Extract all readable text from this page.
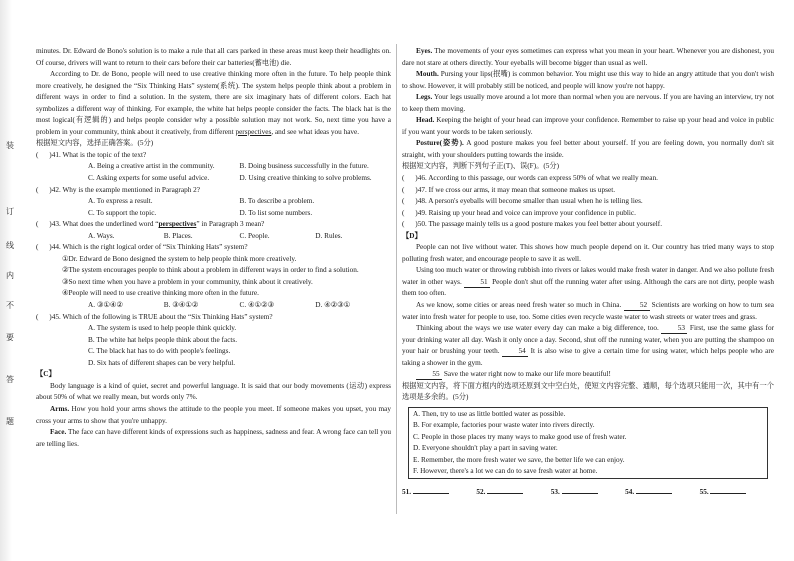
装
订
线
内
不
要
答
题

minutes. Dr. Edward de Bono's solution is to make a rule that all cars parked in these areas must keep their headlights on. Of course, drivers will want to return to their cars before their car batteries(蓄电池) die.

According to Dr. de Bono, people will need to use creative thinking more often in the future. To help people think more creatively, he designed the “Six Thinking Hats” system(系统). The system helps people think about a problem in different ways in order to find a solution. In the system, there are six imaginary hats of different colors. Each hat symbolizes a different way of thinking. For example, the white hat helps people consider the facts. The black hat is the most logical(有逻辑的) and helps people consider why a possible solution may not work. So, next time you have a problem in your community, think about it creatively, from different perspectives, and see what ideas you have.

根据短文内容，选择正确答案。(5分)

(      ) 41. What is the topic of the text?
A. Being a creative artist in the community.	B. Doing business successfully in the future.
C. Asking experts for some useful advice.	D. Using creative thinking to solve problems.
(      ) 42. Why is the example mentioned in Paragraph 2?
A. To express a result.	B. To describe a problem.
C. To support the topic.	D. To list some numbers.
(      ) 43. What does the underlined word “perspectives” in Paragraph 3 mean?
A. Ways.	B. Places.	C. People.	D. Rules.
(      ) 44. Which is the right logical order of “Six Thinking Hats” system?
①Dr. Edward de Bono designed the system to help people think more creatively.
②The system encourages people to think about a problem in different ways in order to find a solution.
③So next time when you have a problem in your community, think about it creatively.
④People will need to use creative thinking more often in the future.
A. ③①④②	B. ③④①②	C. ④①②③	D. ④②③①
(      ) 45. Which of the following is TRUE about the “Six Thinking Hats” system?
A. The system is used to help people think quickly.
B. The white hat helps people think about the facts.
C. The black hat has to do with people's feelings.
D. Six hats of different shapes can be very helpful.

【C】

Body language is a kind of quiet, secret and powerful language. It is said that our body movements (运动) express about 50% of what we really mean, but words only 7%.

Arms. How you hold your arms shows the attitude to the people you meet. If someone makes you upset, you may cross your arms to show that you're unhappy.

Face. The face can have different kinds of expressions such as happiness, sadness and fear. A wrong face can tell you are telling lies.

Eyes. The movements of your eyes sometimes can express what you mean in your heart. Whenever you are dishonest, you dare not stare at others directly. Your eyeballs will become bigger than usual as well.

Mouth. Pursing your lips(抿嘴) is common behavior. You might use this way to hide an angry attitude that you don't wish to show. However, it will probably still be noticed, and people will know you're not happy.

Legs. Your legs usually move around a lot more than normal when you are nervous. If you are having an interview, try not to keep them moving.

Head. Keeping the height of your head can improve your confidence. Remember to raise up your head and voice in public if you want your words to be taken seriously.

Posture(姿势). A good posture makes you feel better about yourself. If you are feeling down, you normally don't sit straight, with your shoulders putting towards the inside.

根据短文内容，判断下列句子正(T)、误(F)。(5分)

(      ) 46. According to this passage, our words can express 50% of what we really mean.
(      ) 47. If we cross our arms, it may mean that someone makes us upset.
(      ) 48. A person's eyeballs will become smaller than usual when he is telling lies.
(      ) 49. Raising up your head and voice can improve your confidence in public.
(      ) 50. The passage mainly tells us a good posture makes you feel better about yourself.

【D】

People can not live without water. This shows how much people depend on it. Our country has tried many ways to stop polluting fresh water, and encourage people to save it as well.

Using too much water or throwing rubbish into rivers or lakes would make fresh water in danger. And we also pollute fresh water in other ways.	51 People don't shut off the running water after using. Although the cars are not dirty, people wash them too often.

As we know, some cities or areas need fresh water so much in China.	52 Scientists are working on how to turn sea water into fresh water for people to use, too. Some cities even recycle waste water to wash streets or water trees and grass.

Thinking about the ways we use water every day can make a big difference, too.	53 First, use the same glass for your drinking water all day. Wash it only once a day. Second, shut off the running water, when you are putting the shampoo on your hair or brushing your teeth.	54 It is also wise to give a certain time for using water, which helps people who are taking a shower in the gym.

55 Save the water right now to make our life more beautiful!

根据短文内容，将下面方框内的选项还原到文中空白处，使短文内容完整、通顺，每个选项只能用一次，其中有一个选项是多余的。(5分)

A. Then, try to use as little bottled water as possible.
B. For example, factories pour waste water into rivers directly.
C. People in those places try many ways to make good use of fresh water.
D. Everyone shouldn't play a part in saving water.
E. Remember, the more fresh water we save, the better life we can enjoy.
F. However, there's a lot we can do to save fresh water at home.
51.	52.	53.	54.	55.
